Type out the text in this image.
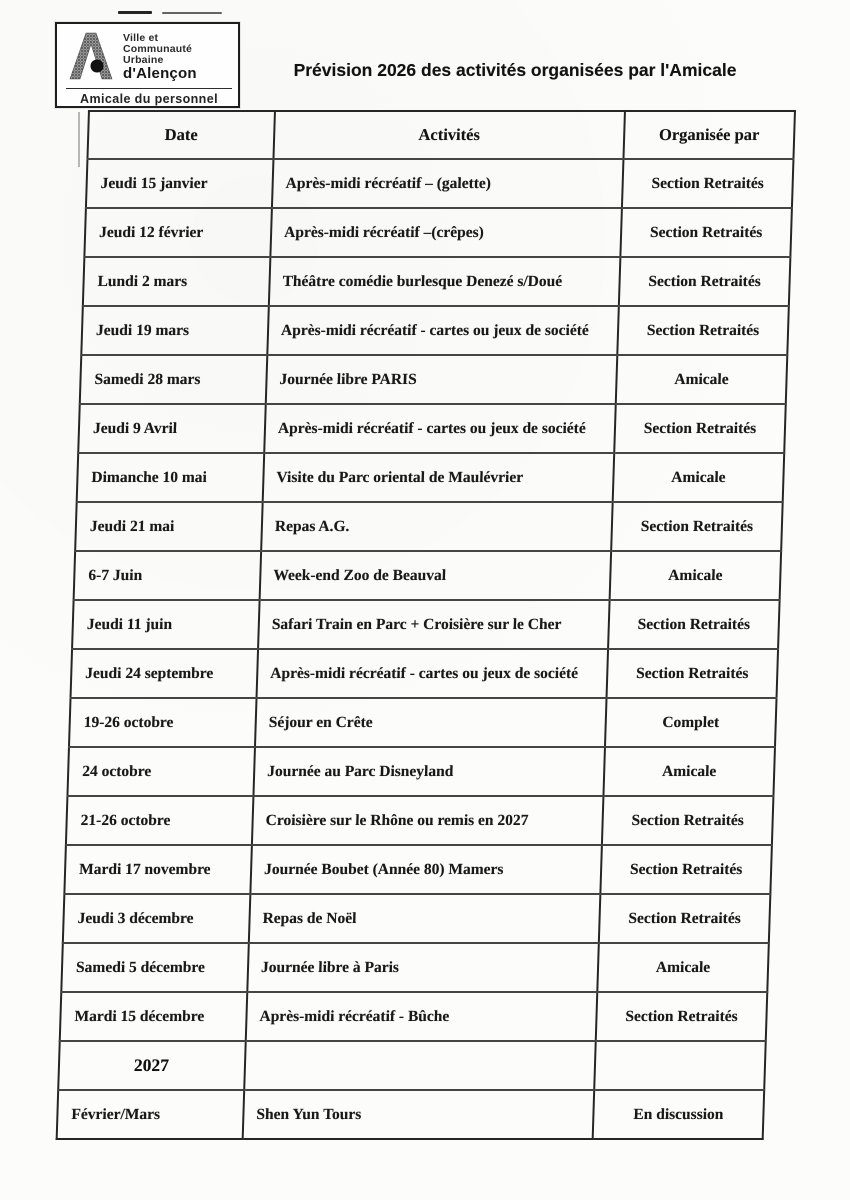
Ville et
Communauté
Urbaine
d'Alençon
Amicale du personnel
Prévision 2026 des activités organisées par l'Amicale
Date	Activités	Organisée par
Jeudi 15 janvier	Après-midi récréatif – (galette)	Section Retraités
Jeudi 12 février	Après-midi récréatif –(crêpes)	Section Retraités
Lundi 2 mars	Théâtre comédie burlesque Denezé s/Doué	Section Retraités
Jeudi 19 mars	Après-midi récréatif - cartes ou jeux de société	Section Retraités
Samedi 28 mars	Journée libre PARIS	Amicale
Jeudi 9 Avril	Après-midi récréatif - cartes ou jeux de société	Section Retraités
Dimanche 10 mai	Visite du Parc oriental de Maulévrier	Amicale
Jeudi 21 mai	Repas A.G.	Section Retraités
6-7 Juin	Week-end Zoo de Beauval	Amicale
Jeudi 11 juin	Safari Train en Parc + Croisière sur le Cher	Section Retraités
Jeudi 24 septembre	Après-midi récréatif - cartes ou jeux de société	Section Retraités
19-26 octobre	Séjour en Crête	Complet
24 octobre	Journée au Parc Disneyland	Amicale
21-26 octobre	Croisière sur le Rhône ou remis en 2027	Section Retraités
Mardi 17 novembre	Journée Boubet (Année 80) Mamers	Section Retraités
Jeudi 3 décembre	Repas de Noël	Section Retraités
Samedi 5 décembre	Journée libre à Paris	Amicale
Mardi 15 décembre	Après-midi récréatif - Bûche	Section Retraités
2027		
Février/Mars	Shen Yun Tours	En discussion
